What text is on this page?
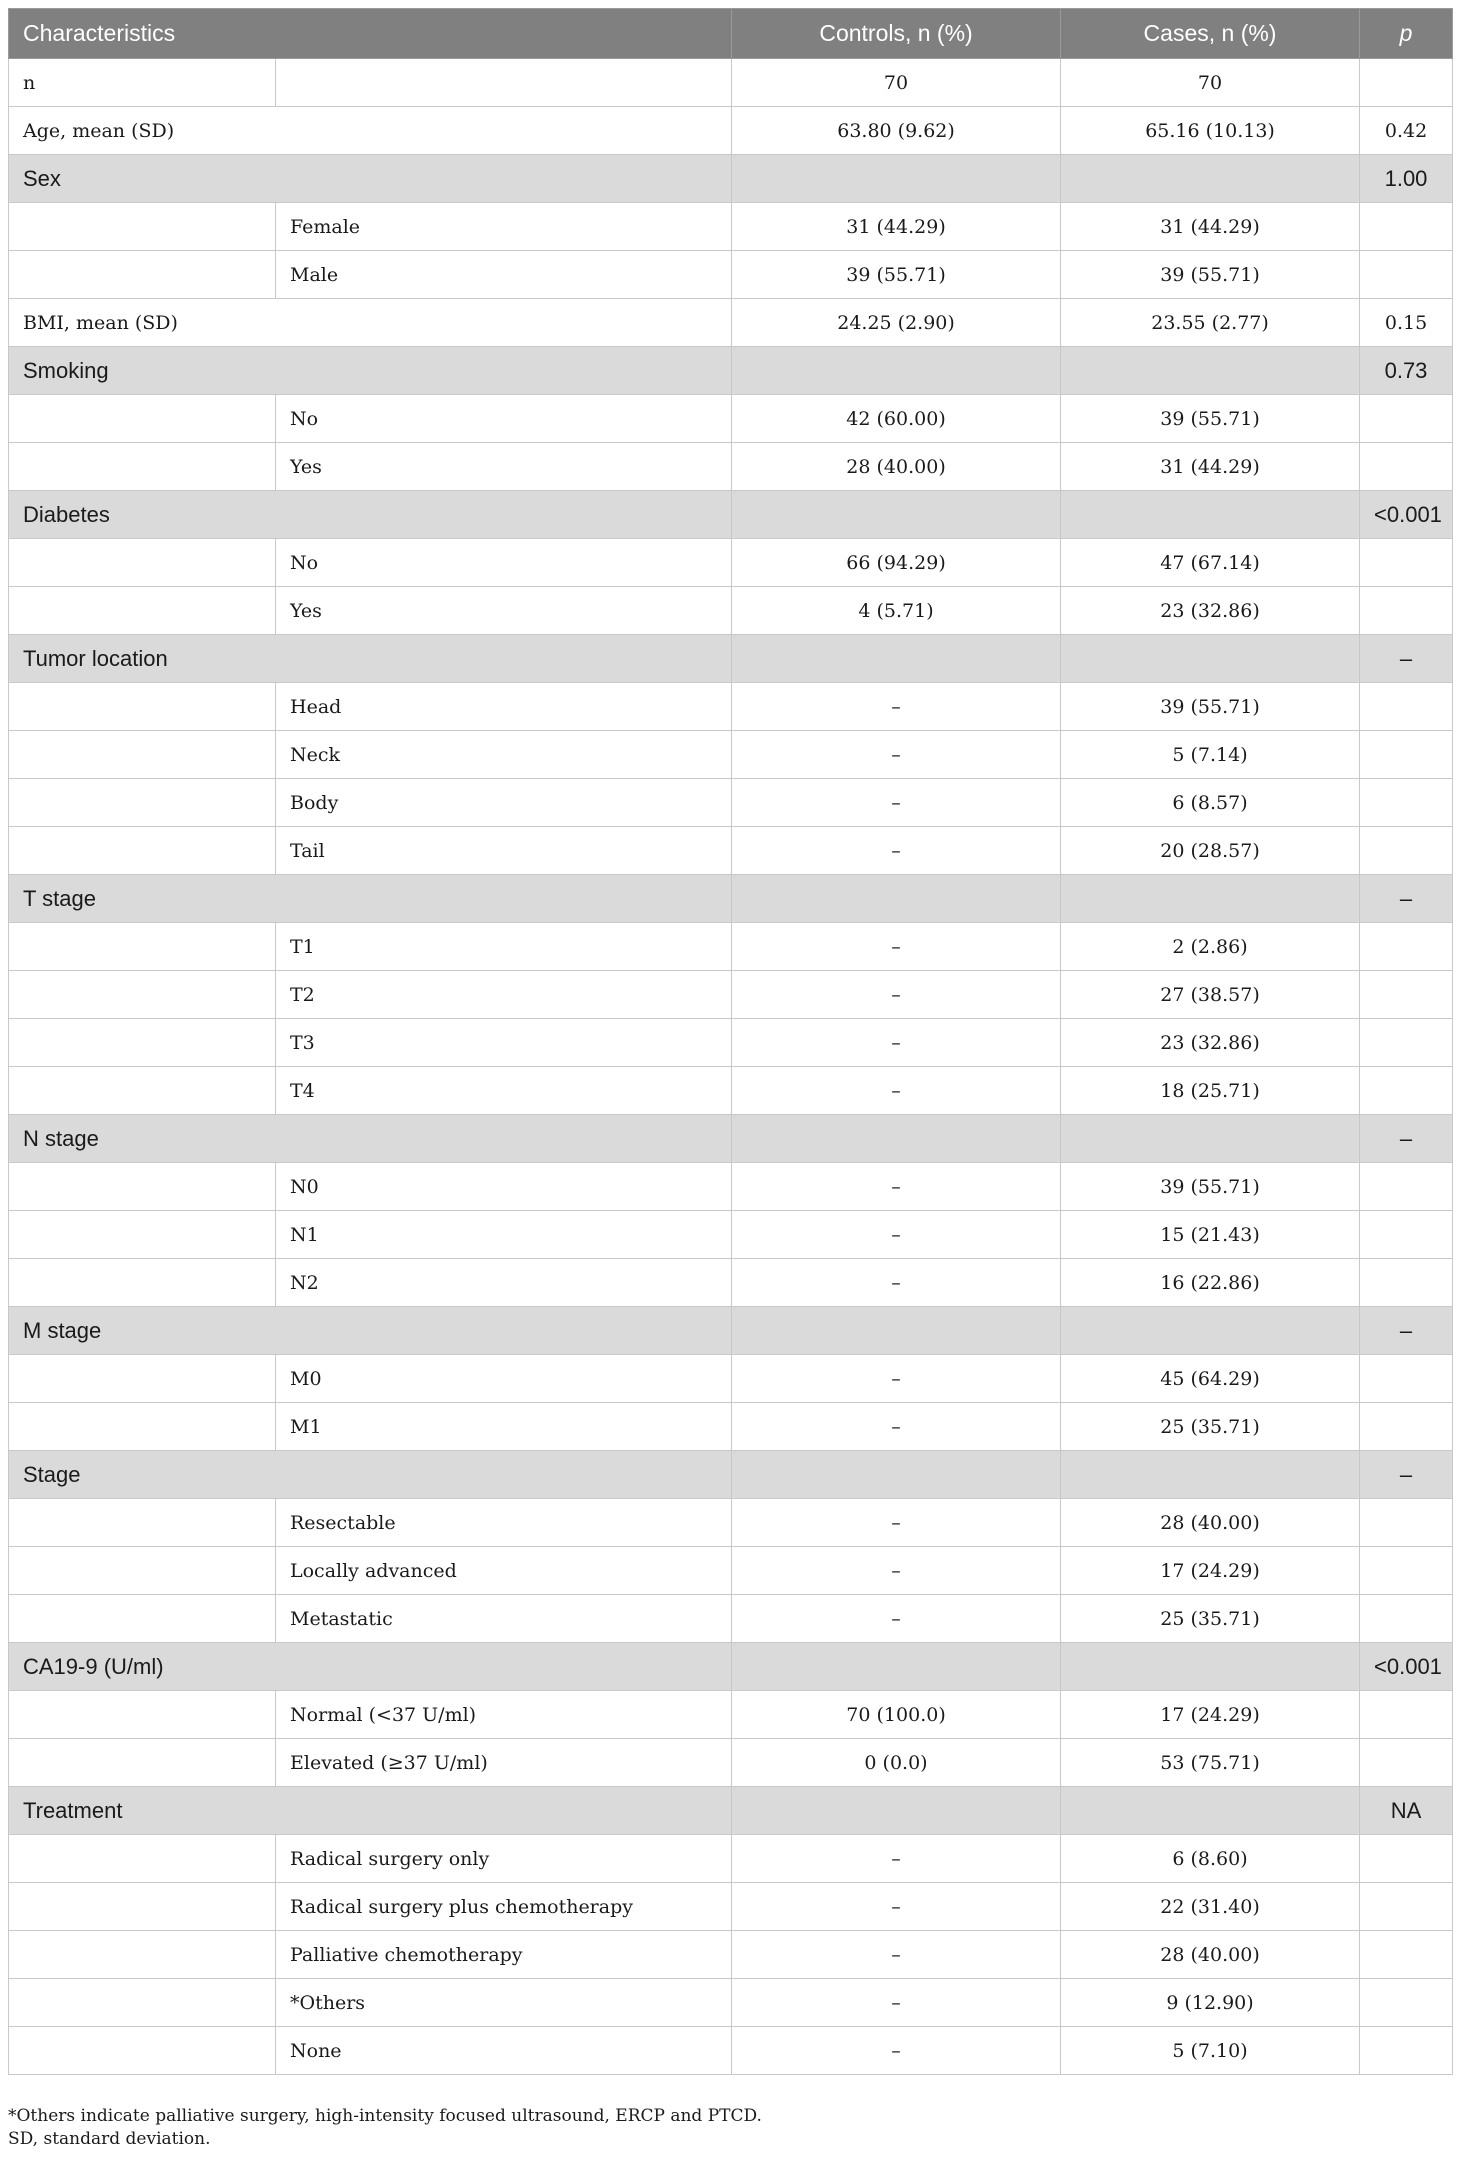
Characteristics		Controls, n (%)	Cases, n (%)	p
n		70	70	
Age, mean (SD)		63.80 (9.62)	65.16 (10.13)	0.42
Sex				1.00
	Female	31 (44.29)	31 (44.29)	
	Male	39 (55.71)	39 (55.71)	
BMI, mean (SD)		24.25 (2.90)	23.55 (2.77)	0.15
Smoking				0.73
	No	42 (60.00)	39 (55.71)	
	Yes	28 (40.00)	31 (44.29)	
Diabetes				<0.001
	No	66 (94.29)	47 (67.14)	
	Yes	4 (5.71)	23 (32.86)	
Tumor location				–
	Head	–	39 (55.71)	
	Neck	–	5 (7.14)	
	Body	–	6 (8.57)	
	Tail	–	20 (28.57)	
T stage				–
	T1	–	2 (2.86)	
	T2	–	27 (38.57)	
	T3	–	23 (32.86)	
	T4	–	18 (25.71)	
N stage				–
	N0	–	39 (55.71)	
	N1	–	15 (21.43)	
	N2	–	16 (22.86)	
M stage				–
	M0	–	45 (64.29)	
	M1	–	25 (35.71)	
Stage				–
	Resectable	–	28 (40.00)	
	Locally advanced	–	17 (24.29)	
	Metastatic	–	25 (35.71)	
CA19-9 (U/ml)				<0.001
	Normal (<37 U/ml)	70 (100.0)	17 (24.29)	
	Elevated (≥37 U/ml)	0 (0.0)	53 (75.71)	
Treatment				NA
	Radical surgery only	–	6 (8.60)	
	Radical surgery plus chemotherapy	–	22 (31.40)	
	Palliative chemotherapy	–	28 (40.00)	
	*Others	–	9 (12.90)	
	None	–	5 (7.10)	
*Others indicate palliative surgery, high-intensity focused ultrasound, ERCP and PTCD.
SD, standard deviation.
